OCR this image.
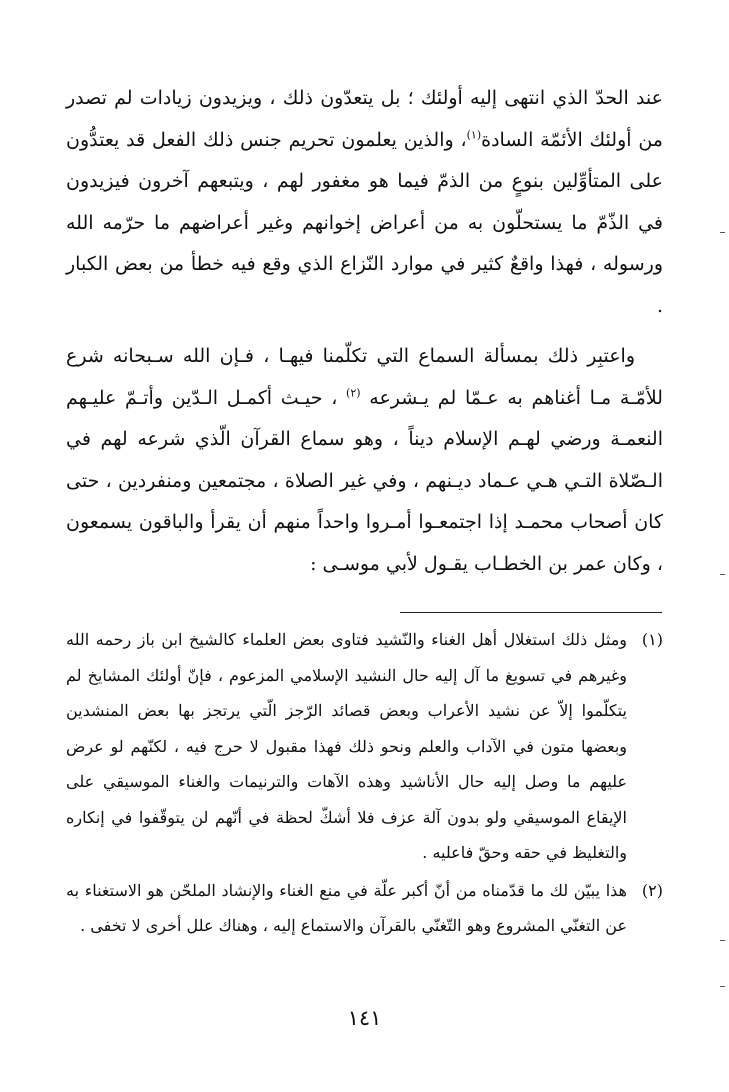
عند الحدّ الذي انتهى إليه أولئك ؛ بل يتعدّون ذلك ، ويزيدون زيادات لم تصدر من أولئك الأئمّة السادة$^{(١)}$، والذين يعلمون تحريم جنس ذلك الفعل قد يعتدُّون على المتأوِّلين بنوعٍ من الذمّ فيما هو مغفور لهم ، ويتبعهم آخرون فيزيدون في الذّمّ ما يستحلّون به من أعراض إخوانهم وغير أعراضهم ما حرّمه الله ورسوله ، فهذا واقعٌ كثير في موارد النّزاع الذي وقع فيه خطأ من بعض الكبار .

واعتبِر ذلك بمسألة السماع التي تكلّمنا فيهـا ، فـإن الله سـبحانه شرع للأمّـة مـا أغناهم به عـمّا لم يـشرعه $^{(٢)}$ ، حيـث أكمـل الـدّين وأتـمّ عليـهم النعمـة ورضي لهـم الإسلام ديناً ، وهو سماع القرآن الّذي شرعه لهم في الـصّلاة التـي هـي عـماد ديـنهم ، وفي غير الصلاة ، مجتمعين ومنفردين ، حتى كان أصحاب محمـد إذا اجتمعـوا أمـروا واحداً منهم أن يقرأ والباقون يسمعون ، وكان عمر بن الخطـاب يقـول لأبي موسـى :

(١)
ومثل ذلك استغلال أهل الغناء والنّشيد فتاوى بعض العلماء كالشيخ ابن باز رحمه الله وغيرهم في تسويغ ما آل إليه حال النشيد الإسلامي المزعوم ، فإنّ أولئك المشايخ لم يتكلّموا إلاّ عن نشيد الأعراب وبعض قصائد الرّجز الّتي يرتجز بها بعض المنشدين وبعضها متون في الآداب والعلم ونحو ذلك فهذا مقبول لا حرج فيه ، لكنّهم لو عرض عليهم ما وصل إليه حال الأناشيد وهذه الآهات والترنيمات والغناء الموسيقي على الإيقاع الموسيقي ولو بدون آلة عزف فلا أشكّ لحظة في أنّهم لن يتوقّفوا في إنكاره والتغليظ في حقه وحقّ فاعليه .
(٢)
هذا يبيّن لك ما قدّمناه من أنّ أكبر علّة في منع الغناء والإنشاد الملحّن هو الاستغناء به عن التغنّي المشروع وهو التّغنّي بالقرآن والاستماع إليه ، وهناك علل أخرى لا تخفى .
١٤١
